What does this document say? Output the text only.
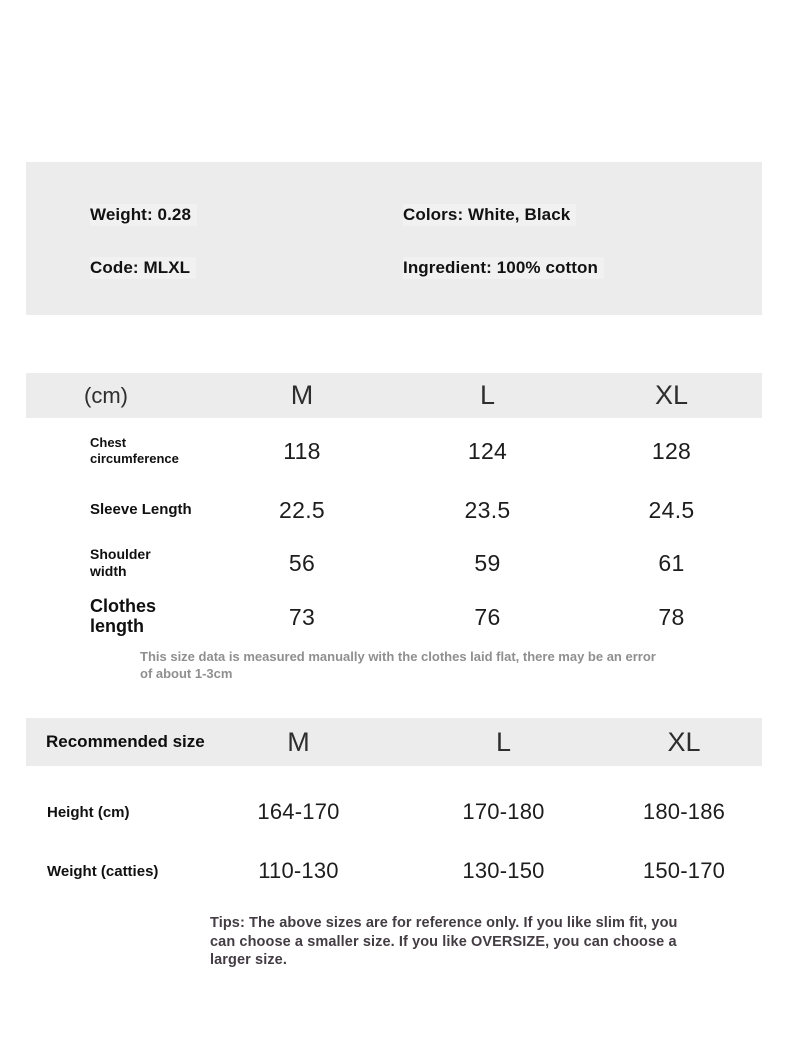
Weight: 0.28	Colors: White, Black
Code: MLXL	Ingredient: 100% cotton
(cm)	M	L	XL
Chest circumference	118	124	128
Sleeve Length	22.5	23.5	24.5
Shoulder width	56	59	61
Clothes length	73	76	78
This size data is measured manually with the clothes laid flat, there may be an error of about 1-3cm
Recommended size	M	L	XL
Height (cm)	164-170	170-180	180-186
Weight (catties)	110-130	130-150	150-170
Tips: The above sizes are for reference only. If you like slim fit, you can choose a smaller size. If you like OVERSIZE, you can choose a larger size.
